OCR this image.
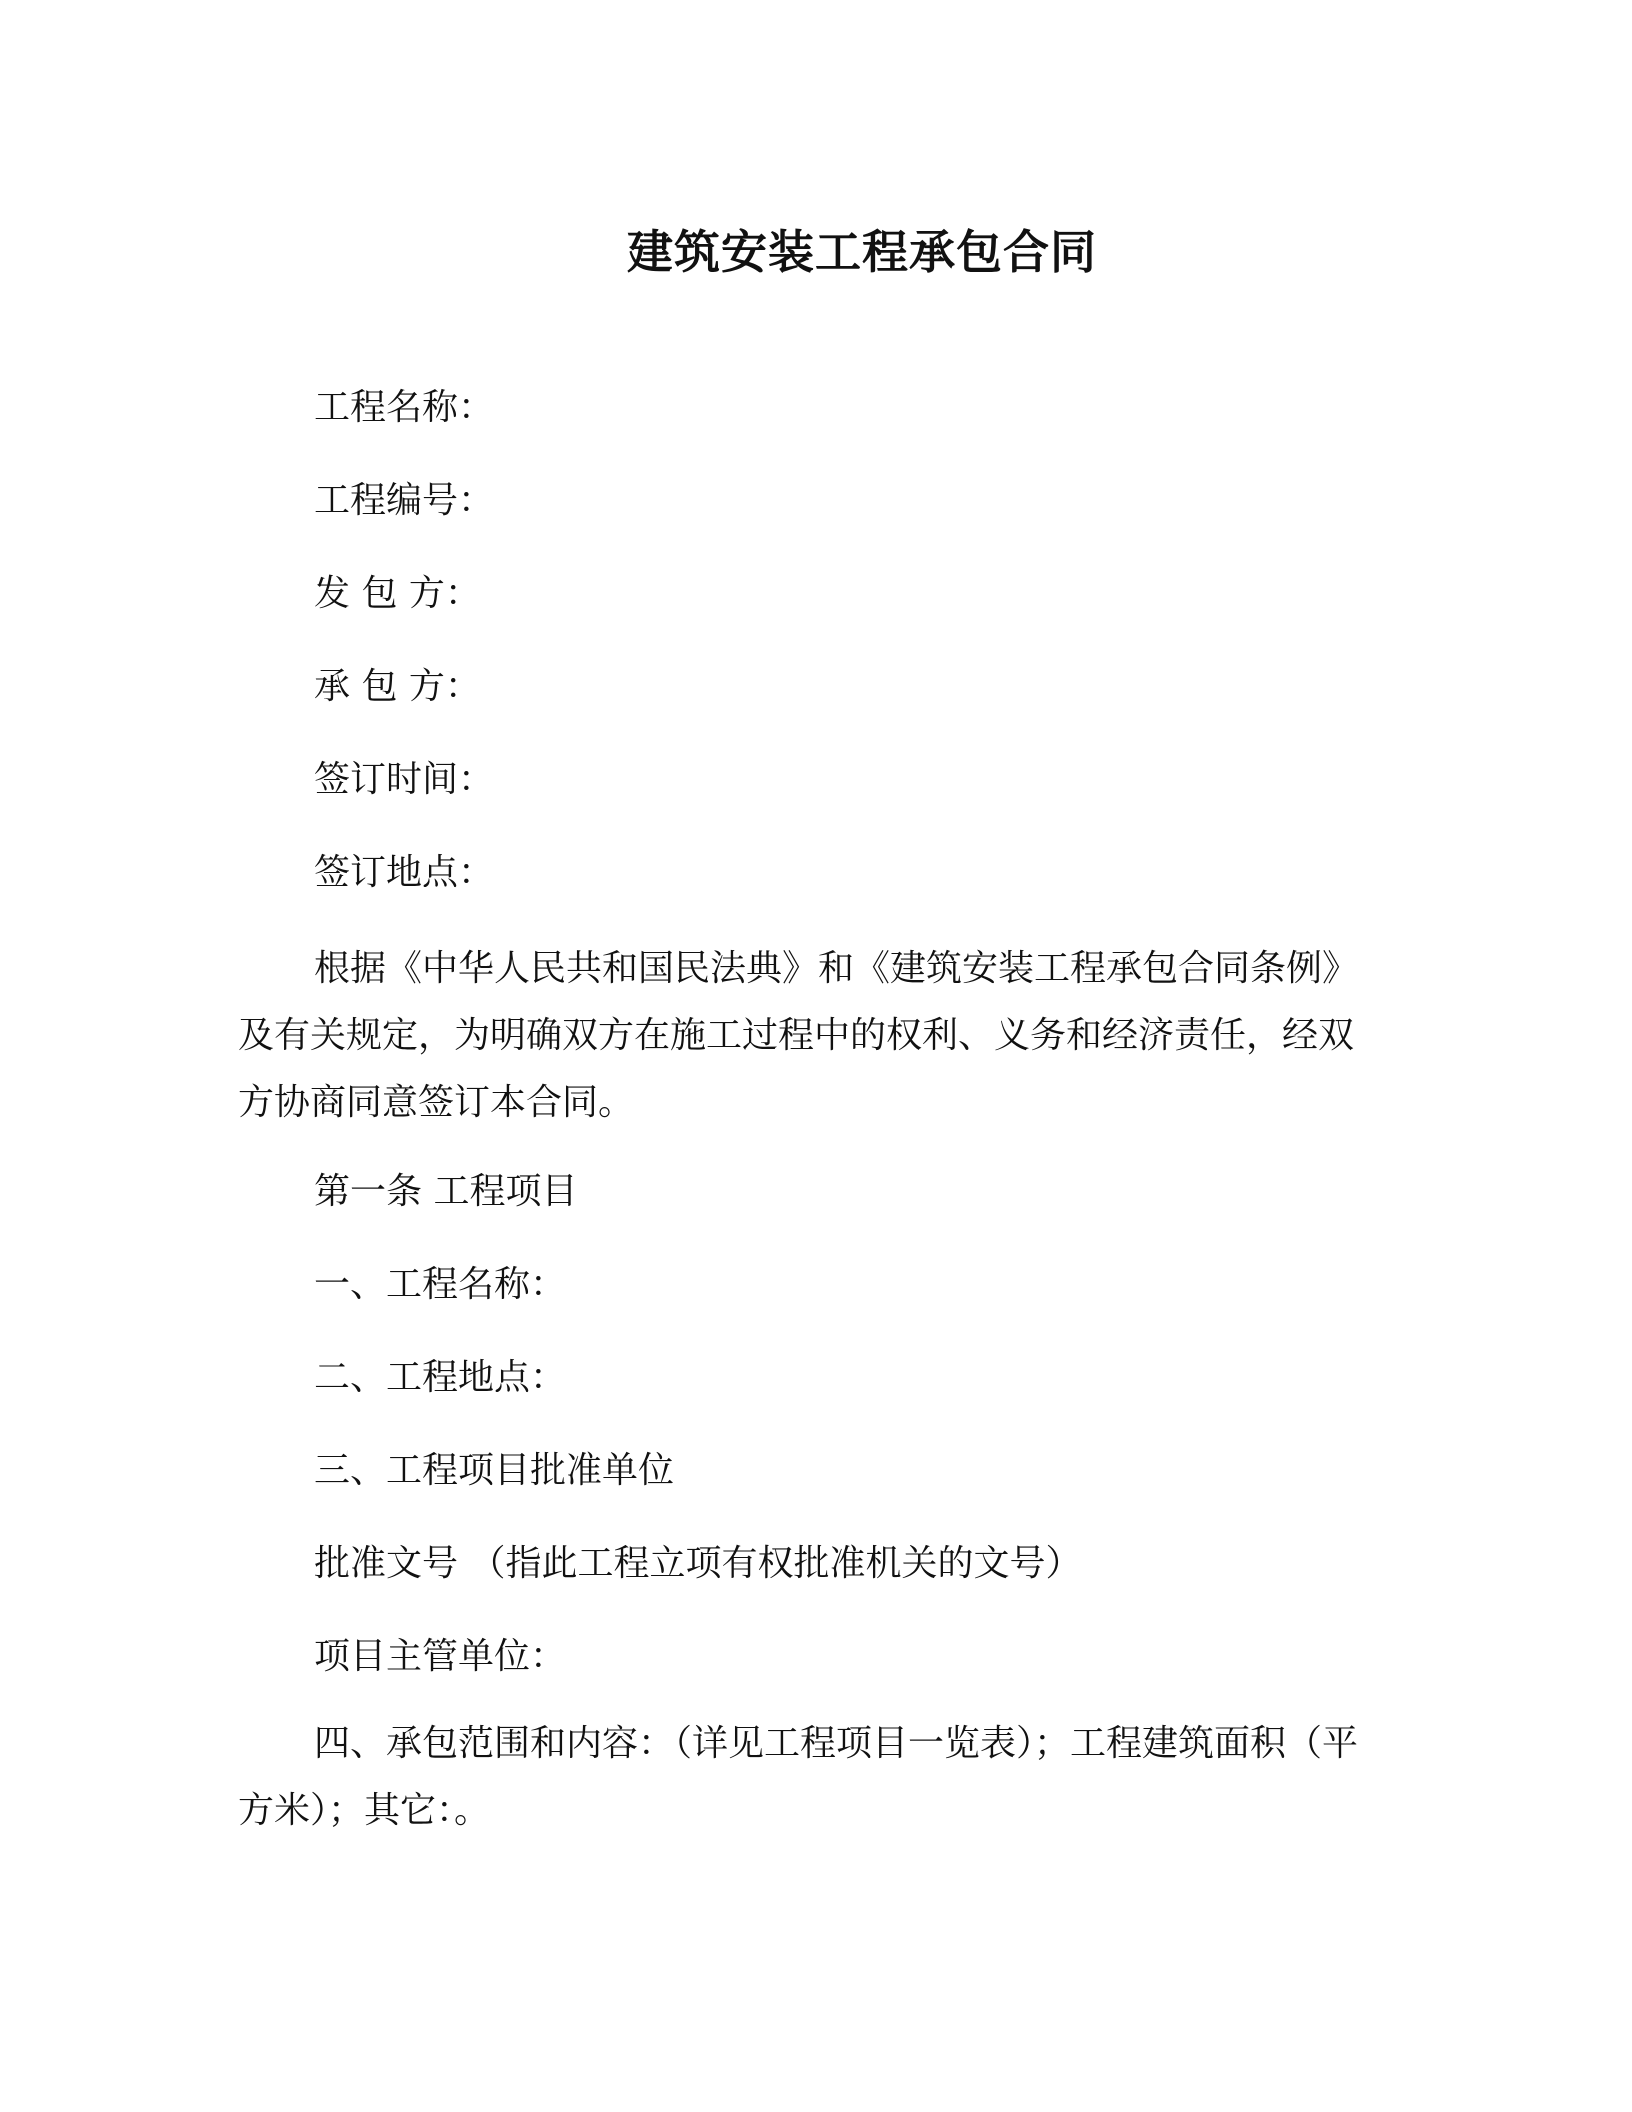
建筑安装工程承包合同
工程名称：
工程编号：
发 包 方：
承 包 方：
签订时间：
签订地点：
根据《中华人民共和国民法典》和《建筑安装工程承包合同条例》及有关规定，为明确双方在施工过程中的权利、义务和经济责任，经双方协商同意签订本合同。
第一条 工程项目
一、工程名称：
二、工程地点：
三、工程项目批准单位
批准文号 （指此工程立项有权批准机关的文号）
项目主管单位：
四、承包范围和内容：（详见工程项目一览表）；工程建筑面积（平方米）；其它：。
